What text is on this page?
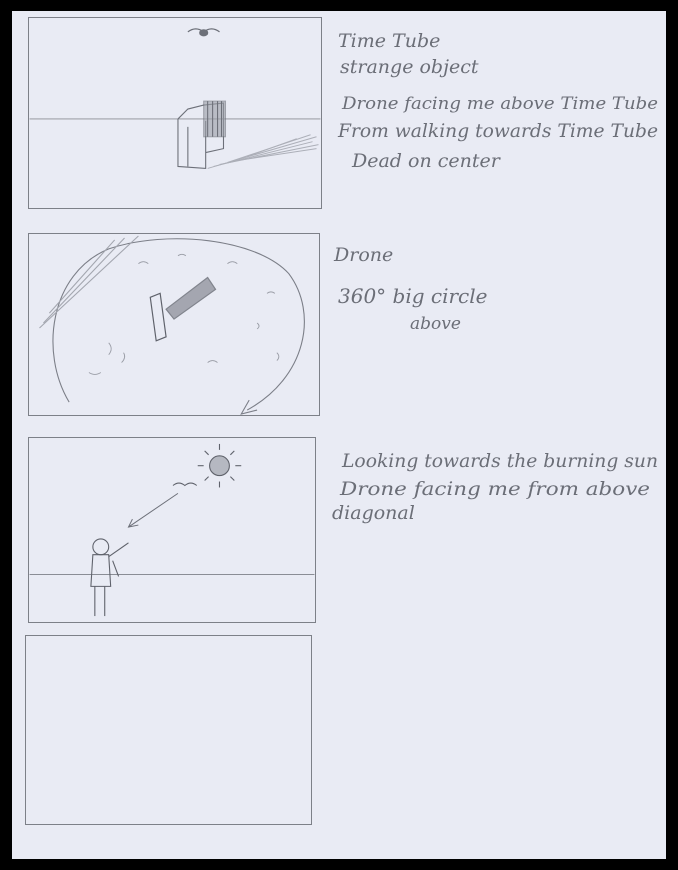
Time Tube
strange object
Drone facing me above Time Tube
From walking towards Time Tube
Dead on center
Drone
360° big circle
above
Looking towards the burning sun
Drone facing me from above
diagonal
